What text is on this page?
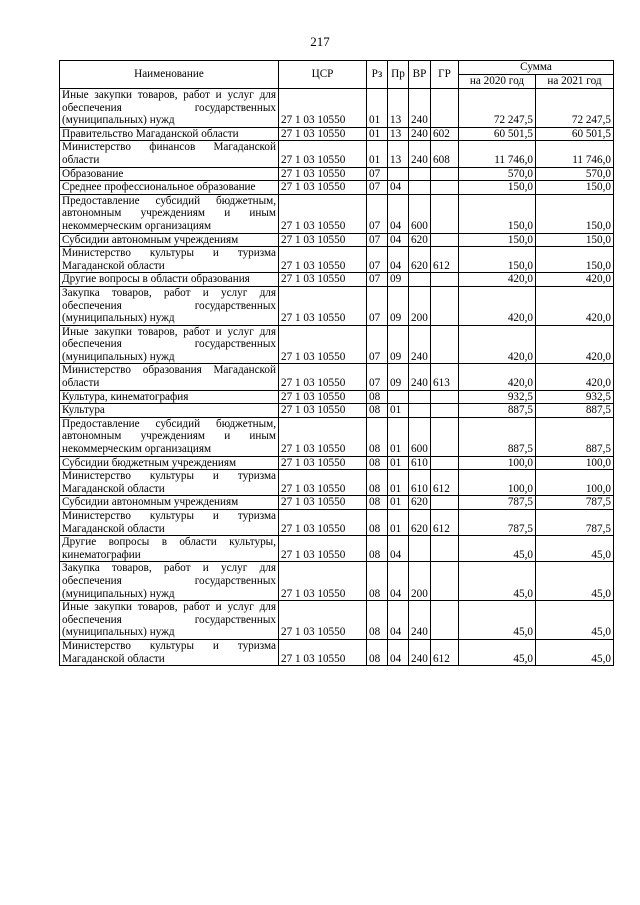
217
Наименование	ЦСР	Рз	Пр	ВР	ГР	Сумма	
						на 2020 год	на 2021 год
Иные закупки товаров, работ и услуг для обеспечения государственных (муниципальных) нужд	27 1 03 10550	01	13	240		72 247,5	72 247,5
Правительство Магаданской области	27 1 03 10550	01	13	240	602	60 501,5	60 501,5
Министерство финансов Магаданской области	27 1 03 10550	01	13	240	608	11 746,0	11 746,0
Образование	27 1 03 10550	07				570,0	570,0
Среднее профессиональное образование	27 1 03 10550	07	04			150,0	150,0
Предоставление субсидий бюджетным, автономным учреждениям и иным некоммерческим организациям	27 1 03 10550	07	04	600		150,0	150,0
Субсидии автономным учреждениям	27 1 03 10550	07	04	620		150,0	150,0
Министерство культуры и туризма Магаданской области	27 1 03 10550	07	04	620	612	150,0	150,0
Другие вопросы в области образования	27 1 03 10550	07	09			420,0	420,0
Закупка товаров, работ и услуг для обеспечения государственных (муниципальных) нужд	27 1 03 10550	07	09	200		420,0	420,0
Иные закупки товаров, работ и услуг для обеспечения государственных (муниципальных) нужд	27 1 03 10550	07	09	240		420,0	420,0
Министерство образования Магаданской области	27 1 03 10550	07	09	240	613	420,0	420,0
Культура, кинематография	27 1 03 10550	08				932,5	932,5
Культура	27 1 03 10550	08	01			887,5	887,5
Предоставление субсидий бюджетным, автономным учреждениям и иным некоммерческим организациям	27 1 03 10550	08	01	600		887,5	887,5
Субсидии бюджетным учреждениям	27 1 03 10550	08	01	610		100,0	100,0
Министерство культуры и туризма Магаданской области	27 1 03 10550	08	01	610	612	100,0	100,0
Субсидии автономным учреждениям	27 1 03 10550	08	01	620		787,5	787,5
Министерство культуры и туризма Магаданской области	27 1 03 10550	08	01	620	612	787,5	787,5
Другие вопросы в области культуры, кинематографии	27 1 03 10550	08	04			45,0	45,0
Закупка товаров, работ и услуг для обеспечения государственных (муниципальных) нужд	27 1 03 10550	08	04	200		45,0	45,0
Иные закупки товаров, работ и услуг для обеспечения государственных (муниципальных) нужд	27 1 03 10550	08	04	240		45,0	45,0
Министерство культуры и туризма Магаданской области	27 1 03 10550	08	04	240	612	45,0	45,0
